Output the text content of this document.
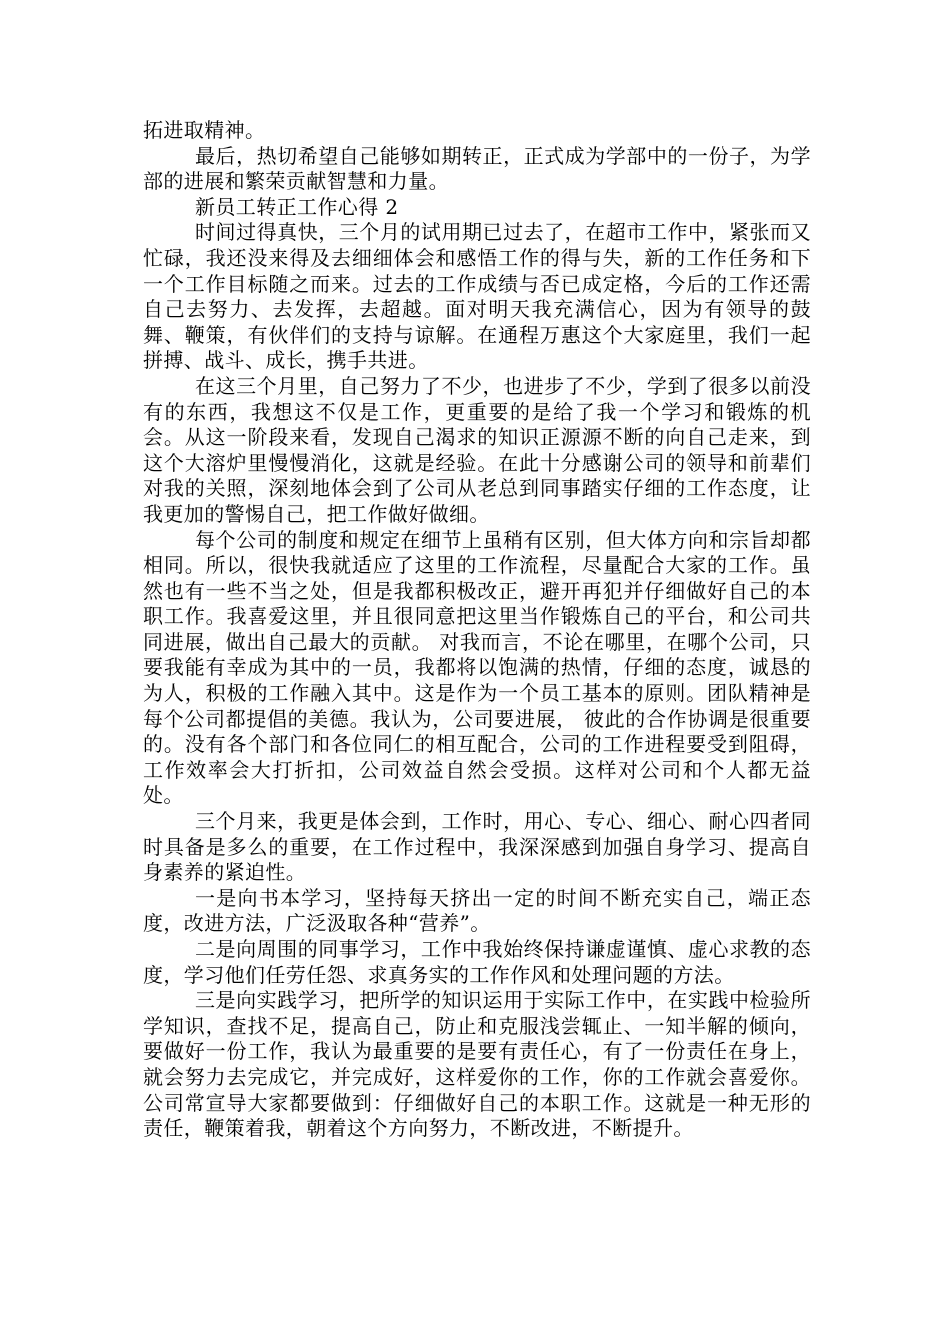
拓进取精神。

最后，热切希望自己能够如期转正，正式成为学部中的一份子，为学部的进展和繁荣贡献智慧和力量。

新员工转正工作心得 2

时间过得真快，三个月的试用期已过去了，在超市工作中，紧张而又忙碌，我还没来得及去细细体会和感悟工作的得与失，新的工作任务和下一个工作目标随之而来。过去的工作成绩与否已成定格，今后的工作还需自己去努力、去发挥，去超越。面对明天我充满信心，因为有领导的鼓舞、鞭策，有伙伴们的支持与谅解。在通程万惠这个大家庭里，我们一起拼搏、战斗、成长，携手共进。

在这三个月里，自己努力了不少，也进步了不少，学到了很多以前没有的东西，我想这不仅是工作，更重要的是给了我一个学习和锻炼的机会。从这一阶段来看，发现自己渴求的知识正源源不断的向自己走来，到这个大溶炉里慢慢消化，这就是经验。在此十分感谢公司的领导和前辈们对我的关照，深刻地体会到了公司从老总到同事踏实仔细的工作态度，让我更加的警惕自己，把工作做好做细。

每个公司的制度和规定在细节上虽稍有区别，但大体方向和宗旨却都相同。所以，很快我就适应了这里的工作流程，尽量配合大家的工作。虽然也有一些不当之处，但是我都积极改正，避开再犯并仔细做好自己的本职工作。我喜爱这里，并且很同意把这里当作锻炼自己的平台，和公司共同进展，做出自己最大的贡献。 对我而言，不论在哪里，在哪个公司，只要我能有幸成为其中的一员，我都将以饱满的热情，仔细的态度，诚恳的为人，积极的工作融入其中。这是作为一个员工基本的原则。团队精神是每个公司都提倡的美德。我认为，公司要进展， 彼此的合作协调是很重要的。没有各个部门和各位同仁的相互配合，公司的工作进程要受到阻碍，工作效率会大打折扣，公司效益自然会受损。这样对公司和个人都无益处。

三个月来，我更是体会到，工作时，用心、专心、细心、耐心四者同时具备是多么的重要，在工作过程中，我深深感到加强自身学习、提高自身素养的紧迫性。

一是向书本学习，坚持每天挤出一定的时间不断充实自己，端正态度，改进方法，广泛汲取各种“营养”。

二是向周围的同事学习，工作中我始终保持谦虚谨慎、虚心求教的态度，学习他们任劳任怨、求真务实的工作作风和处理问题的方法。

三是向实践学习，把所学的知识运用于实际工作中，在实践中检验所学知识，查找不足，提高自己，防止和克服浅尝辄止、一知半解的倾向，要做好一份工作，我认为最重要的是要有责任心，有了一份责任在身上，就会努力去完成它，并完成好，这样爱你的工作，你的工作就会喜爱你。公司常宣导大家都要做到：仔细做好自己的本职工作。这就是一种无形的责任，鞭策着我，朝着这个方向努力，不断改进，不断提升。
